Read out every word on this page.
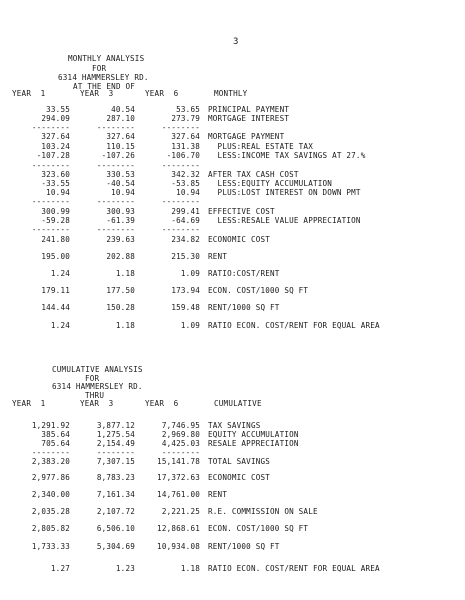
3
MONTHLY ANALYSIS
FOR
6314 HAMMERSLEY RD.
AT THE END OF
YEAR  1	YEAR  3	YEAR  6	MONTHLY
33.55	40.54	53.65 PRINCIPAL PAYMENT
294.09	287.10	273.79 MORTGAGE INTEREST
--------	--------	--------
327.64	327.64	327.64 MORTGAGE PAYMENT
103.24	110.15	131.38 PLUS:REAL ESTATE TAX
-107.28	-107.26	-106.70 LESS:INCOME TAX SAVINGS AT 27.%
--------	--------	--------
323.60	330.53	342.32 AFTER TAX CASH COST
-33.55	-40.54	-53.85 LESS:EQUITY ACCUMULATION
10.94	10.94	10.94 PLUS:LOST INTEREST ON DOWN PMT
--------	--------	--------
300.99	300.93	299.41 EFFECTIVE COST
-59.28	-61.39	-64.69 LESS:RESALE VALUE APPRECIATION
--------	--------	--------
241.80	239.63	234.82 ECONOMIC COST
195.00	202.88	215.30 RENT
1.24	1.18	1.09 RATIO:COST/RENT
179.11	177.50	173.94 ECON. COST/1000 SQ FT
144.44	150.28	159.48 RENT/1000 SQ FT
1.24	1.18	1.09 RATIO ECON. COST/RENT FOR EQUAL AREA
CUMULATIVE ANALYSIS
FOR
6314 HAMMERSLEY RD.
THRU
YEAR  1	YEAR  3	YEAR  6	CUMULATIVE
1,291.92	3,877.12	7,746.95 TAX SAVINGS
385.64	1,275.54	2,969.80 EQUITY ACCUMULATION
705.64	2,154.49	4,425.03 RESALE APPRECIATION
--------	--------	--------
2,383.20	7,307.15	15,141.78 TOTAL SAVINGS
2,977.86	8,783.23	17,372.63 ECONOMIC COST
2,340.00	7,161.34	14,761.00 RENT
2,035.28	2,107.72	2,221.25 R.E. COMMISSION ON SALE
2,805.82	6,506.10	12,868.61 ECON. COST/1000 SQ FT
1,733.33	5,304.69	10,934.08 RENT/1000 SQ FT
1.27	1.23	1.18 RATIO ECON. COST/RENT FOR EQUAL AREA
